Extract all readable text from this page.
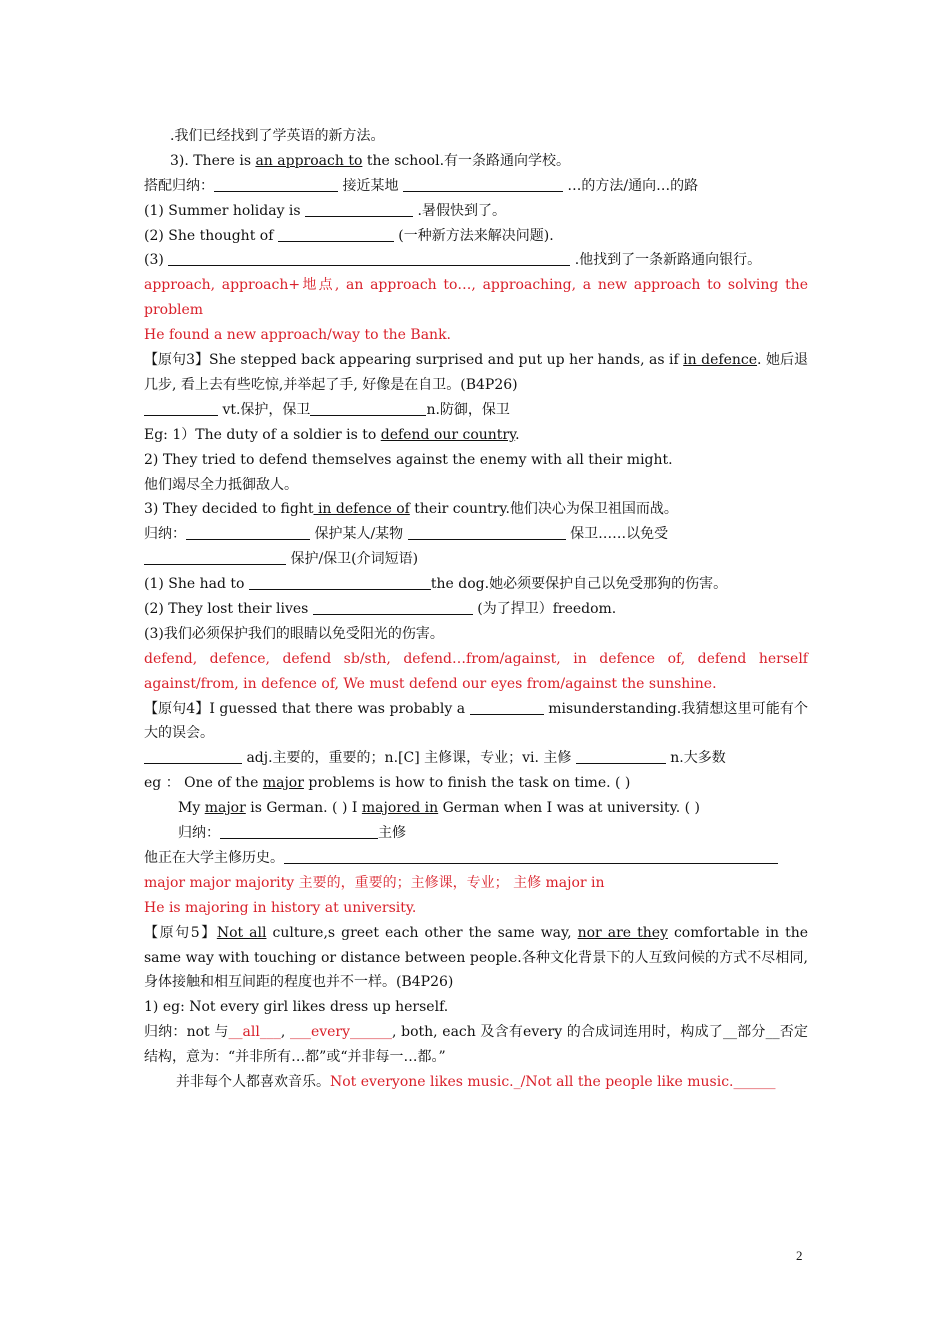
.我们已经找到了学英语的新方法。
3). There is an approach to the school.有一条路通向学校。
搭配归纳：	接近某地	…的方法/通向…的路
(1) Summer holiday is	.暑假快到了。
(2) She thought of	(一种新方法来解决问题).
(3)	.他找到了一条新路通向银行。
approach, approach+地点, an approach to…, approaching, a new approach to solving the problem
He found a new approach/way to the Bank.
【原句3】She stepped back appearing surprised and put up her hands, as if in defence. 她后退几步, 看上去有些吃惊,并举起了手, 好像是在自卫。(B4P26)
vt.保护，保卫	n.防御，保卫
Eg: 1）The duty of a soldier is to defend our country.
2) They tried to defend themselves against the enemy with all their might.
他们竭尽全力抵御敌人。
3) They decided to fight in defence of their country.他们决心为保卫祖国而战。
归纳：	保护某人/某物	保卫……以免受
保护/保卫(介词短语)
(1) She had to	the dog.她必须要保护自己以免受那狗的伤害。
(2) They lost their lives	(为了捍卫）freedom.
(3)我们必须保护我们的眼睛以免受阳光的伤害。
defend, defence, defend sb/sth, defend…from/against, in defence of, defend herself against/from, in defence of, We must defend our eyes from/against the sunshine.
【原句4】I guessed that there was probably a	misunderstanding.我猜想这里可能有个大的误会。
adj.主要的，重要的；n.[C] 主修课，专业；vi. 主修	n.大多数
eg ： One of the major problems is how to finish the task on time. ( )
My major is German. ( ) I majored in German when I was at university. ( )
归纳：	主修
他正在大学主修历史。
major major majority 主要的，重要的；主修课，专业； 主修 major in
He is majoring in history at university.
【原句5】Not all culture,s greet each other the same way, nor are they comfortable in the same way with touching or distance between people.各种文化背景下的人互致问候的方式不尽相同, 身体接触和相互间距的程度也并不一样。(B4P26)
1) eg: Not every girl likes dress up herself.
归纳：not 与__all___, ___every______, both, each 及含有every 的合成词连用时，构成了__部分__否定结构，意为：“并非所有…都”或“并非每一…都。”
并非每个人都喜欢音乐。Not everyone likes music._/Not all the people like music.______
2
